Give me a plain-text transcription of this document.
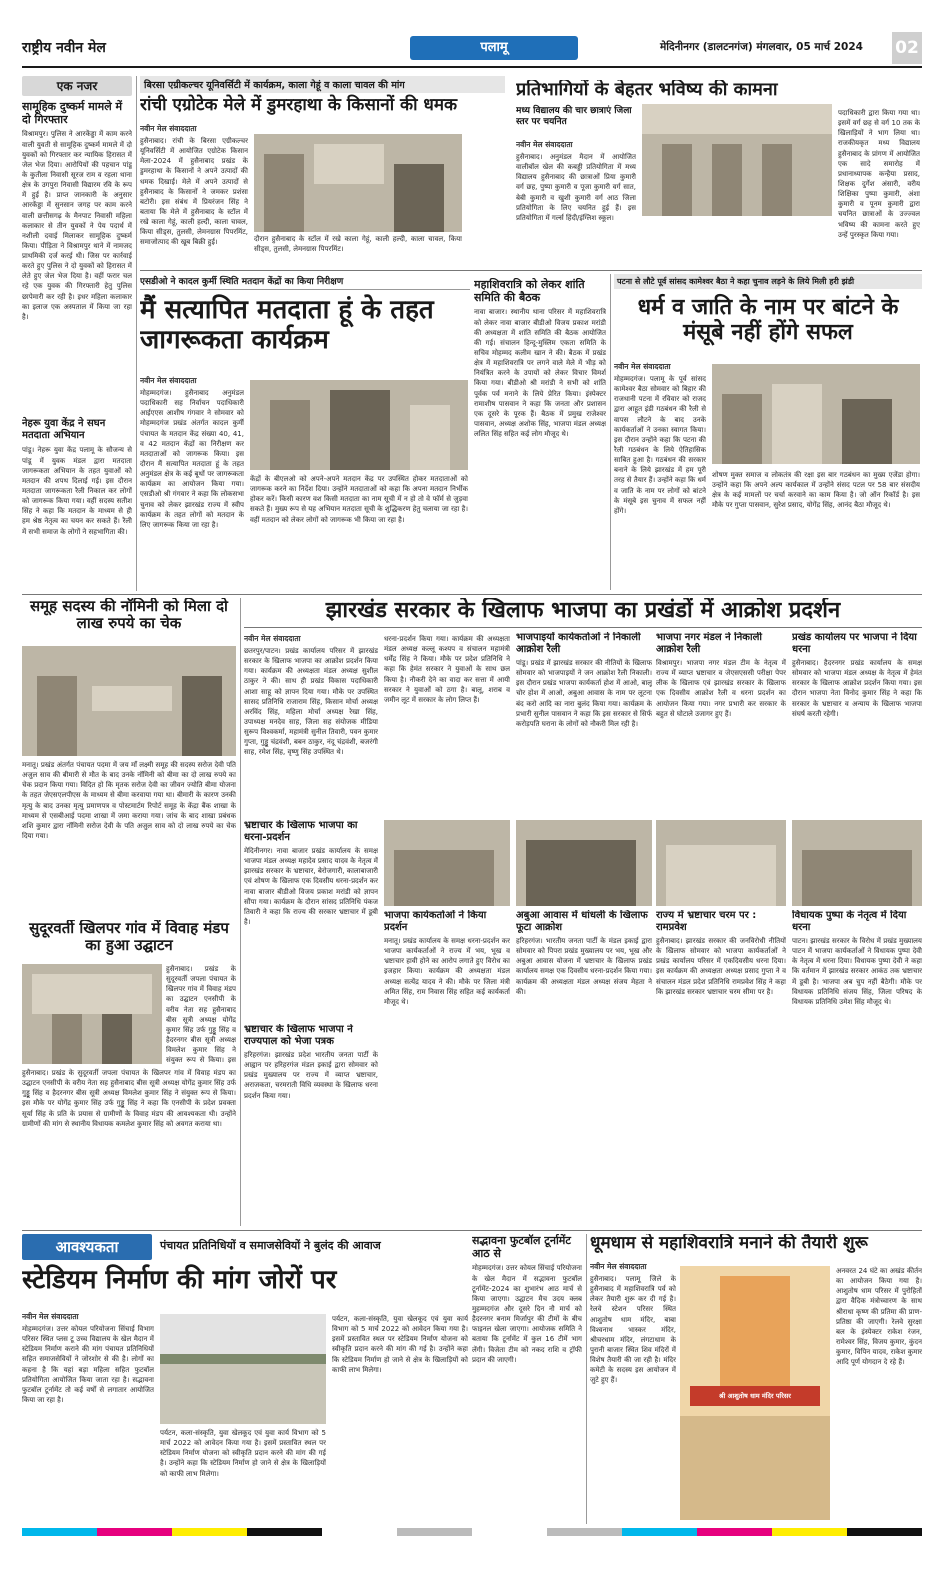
राष्ट्रीय नवीन मेल	पलामू	मेदिनीनगर (डालटनगंज) मंगलवार, 05 मार्च 2024 02
एक नजर
सामूहिक दुष्कर्म मामले में दो गिरफ्तार
विश्रामपुर। पुलिस ने आरकेंड्डा में काम करने वाली युवती से सामूहिक दुष्कर्म मामले में दो युवकों को गिरफ्तार कर न्यायिक हिरासत में जेल भेज दिया। आरोपियों की पहचान पांडू के कुतीला निवासी सूरज राम व रहला थाना क्षेत्र के उगपुरा निवासी विद्यारम रवि के रूप में हुई है। प्राप्त जानकारी के अनुसार आरकेंड्डा में सुनसान जगह पर काम करने वाली छत्तीसगढ़ के मैनपाट निवासी महिला कलाकार से तीन युवकों ने पेय पदार्थ में नशीली दवाई मिलाकर सामूहिक दुष्कर्म किया। पीड़िता ने विश्रामपुर थाने में नामजद प्राथमिकी दर्ज करई थी। जिस पर कार्रवाई करते हुए पुलिस ने दो युवकों को हिरासत में लेते हुए जेल भेज दिया है। वहीं फरार चल रहे एक युवक की गिरफ्तारी हेतु पुलिस छापेमारी कर रही है। इधर महिला कलाकार का इलाज एक अस्पताल में किया जा रहा है।
नेहरू युवा केंद्र ने सघन मतदाता अभियान
पांडू। नेहरू युवा केंद्र पलामू के सौजन्य से पांडू में युवक मंडल द्वारा मतदाता जागरूकता अभियान के तहत युवाओं को मतदान की शपथ दिलाई गई। इस दौरान मतदाता जागरूकता रैली निकाल कर लोगों को जागरूक किया गया। वहीं सदस्य सतीश सिंह ने कहा कि मतदान के माध्यम से ही हम श्रेष्ठ नेतृत्व का चयन कर सकते हैं। रैली में सभी समाज के लोगों ने सहभागिता की।
बिरसा एग्रीकल्चर यूनिवर्सिटी में कार्यक्रम, काला गेहूं व काला चावल की मांग
रांची एग्रोटेक मेले में डुमरहाथा के किसानों की धमक
नवीन मेल संवाददाता
हुसैनाबाद। रांची के बिरसा एग्रीकल्चर यूनिवर्सिटी में आयोजित एग्रोटेक किसान मेला-2024 में हुसैनाबाद प्रखंड के डुमरहाथा के किसानों ने अपने उत्पादों की धमक दिखाई। मेले में अपने उत्पादों से हुसैनाबाद के किसानों ने जमकर प्रशंसा बटोरी। इस संबंध में प्रियरंजन सिंह ने बताया कि मेले में हुसैनाबाद के स्टॉल में रखे काला गेहूं, काली हल्दी, काला चावल, किया सीड्स, तुलसी, लेमनग्रास पिपरमिंट, समाजोत्पाद की खूब बिक्री हुई।	दौरान हुसैनाबाद के स्टॉल में रखे काला गेहूं, काली हल्दी, काला चावल, किया सीड्स, तुलसी, लेमनग्रास पिपरमिंट।
प्रतिभागियों के बेहतर भविष्य की कामना
मध्य विद्यालय की चार छात्राएं जिला स्तर पर चयनित
नवीन मेल संवाददाता
हुसैनाबाद। अनुमंडल मैदान में आयोजित वालीबॉल खेल की कबड्डी प्रतियोगिता में मध्य विद्यालय हुसैनाबाद की छात्राओं प्रिया कुमारी वर्ग छह, पुष्पा कुमारी व पूजा कुमारी वर्ग सात, बेबी कुमारी व खुशी कुमारी वर्ग आठ जिला प्रतियोगिता के लिए चयनित हुई हैं। इस प्रतियोगिता में गर्ल्स हिंदी/इंग्लिश स्कूल।
पदाधिकारी द्वारा किया गया था। इसमें वर्ग छह से वर्ग 10 तक के खिलाड़ियों ने भाग लिया था। राजकीयकृत मध्य विद्यालय हुसैनाबाद के प्रांगण में आयोजित एक सादे समारोह में प्रधानाध्यापक कन्हैया प्रसाद, शिक्षक दुर्गेश अंसारी, वरीय शिक्षिका पुष्पा कुमारी, अंशा कुमारी व पूनम कुमारी द्वारा चयनित छात्राओं के उज्ज्वल भविष्य की कामना करते हुए उन्हें पुरस्कृत किया गया।
एसडीओ ने कादल कुर्मी स्थिति मतदान केंद्रों का किया निरीक्षण
मैं सत्यापित मतदाता हूं के तहत जागरूकता कार्यक्रम
नवीन मेल संवाददाता
मोहम्मदगंज। हुसैनाबाद अनुमंडल पदाधिकारी सह निर्वाचन पदाधिकारी आईएएस आशीष गंगवार ने सोमवार को मोहम्मदगंज प्रखंड अंतर्गत कादल कुर्मी पंचायत के मतदान केंद्र संख्या 40, 41, व 42 मतदान केंद्रों का निरीक्षण कर मतदाताओं को जागरूक किया। इस दौरान मैं सत्यापित मतदाता हूं के तहत अनुमंडल क्षेत्र के कई बूथों पर जागरूकता कार्यक्रम का आयोजन किया गया। एसडीओ श्री गंगवार ने कहा कि लोकसभा चुनाव को लेकर झारखंड राज्य में स्वीप कार्यक्रम के तहत लोगों को मतदान के लिए जागरूक किया जा रहा है।
केंद्रों के बीएलओ को अपने-अपने मतदान केंद्र पर उपस्थित होकर मतदाताओं को जागरूक करने का निर्देश दिया। उन्होंने मतदाताओं को कहा कि अपना मतदान निर्भीक होकर करें। किसी कारण वश किसी मतदाता का नाम सूची में न हो तो वे फॉर्म से जुड़वा सकते हैं। मुख्य रूप से यह अभियान मतदाता सूची के शुद्धिकरण हेतु चलाया जा रहा है। वहीं मतदान को लेकर लोगों को जागरूक भी किया जा रहा है।
महाशिवरात्रि को लेकर शांति समिति की बैठक
नावा बाजार। स्थानीय थाना परिसर में महाशिवरात्रि को लेकर नावा बाजार बीडीओ विजय प्रकाश मरांडी की अध्यक्षता में शांति समिति की बैठक आयोजित की गई। संचालन हिन्दू-मुस्लिम एकता समिति के सचिव मोहम्मद कलीम खान ने की। बैठक में प्रखंड क्षेत्र में महाशिवरात्रि पर लगने वाले मेले में भीड़ को नियंत्रित करने के उपायों को लेकर विचार विमर्श किया गया। बीडीओ श्री मरांडी ने सभी को शांति पूर्वक पर्व मनाने के लिये प्रेरित किया। इंस्पेक्टर रामाशीष पासवान ने कहा कि जनता और प्रशासन एक दूसरे के पूरक हैं। बैठक में प्रमुख राजेश्वर पासवान, अध्यक्ष अशोक सिंह, भाजपा मंडल अध्यक्ष ललित सिंह सहित कई लोग मौजूद थे।
पटना से लौटे पूर्व सांसद कामेश्वर बैठा ने कहा चुनाव लड़ने के लिये मिली हरी झंडी
धर्म व जाति के नाम पर बांटने के मंसूबे नहीं होंगे सफल
नवीन मेल संवाददाता
मोहम्मदगंज। पलामू के पूर्व सांसद कामेश्वर बैठा सोमवार को बिहार की राजधानी पटना में रविवार को राजद द्वारा आहूत इंडी गठबंधन की रैली से वापस लौटने के बाद उनके कार्यकर्ताओं ने उनका स्वागत किया। इस दौरान उन्होंने कहा कि पटना की रैली गठबंधन के लिये ऐतिहासिक साबित हुआ है। गठबंधन की सरकार बनाने के लिये झारखंड में हम पूरी तरह से तैयार हैं। उन्होंने कहा कि धर्म व जाति के नाम पर लोगों को बांटने के मंसूबे इस चुनाव में सफल नहीं होंगे।
शोषण मुक्त समाज व लोकतंत्र की रक्षा इस बार गठबंधन का मुख्य एजेंडा होगा। उन्होंने कहा कि अपने अल्प कार्यकाल में उन्होंने संसद पटल पर 58 बार संसदीय क्षेत्र के कई मामलों पर चर्चा करवाने का काम किया है। जो ऑन रिकॉर्ड है। इस मौके पर गुप्ता पासवान, सुरेश प्रसाद, योगेंद्र सिंह, आनंद बैठा मौजूद थे।
समूह सदस्य की नॉमिनी को मिला दो लाख रुपये का चेक
मनातू। प्रखंड अंतर्गत पंचायत पदमा में जय माँ लक्ष्मी समूह की सदस्य सरोज देवी पति अजुल साव की बीमारी से मौत के बाद उनके नॉमिनी को बीमा का दो लाख रुपये का चेक प्रदान किया गया। विदित हो कि मृतक सरोज देवी का जीवन ज्योति बीमा योजना के तहत जेएसएलपीएस के माध्यम से बीमा करवाया गया था। बीमारी के कारण उनकी मृत्यु के बाद उनका मृत्यु प्रमाणपत्र व पोस्टमार्टम रिपोर्ट समूह के केंद्रा बैंक शाखा के माध्यम से एसबीआई पदमा शाखा में जमा कराया गया। जांच के बाद शाखा प्रबंधक शशि कुमार द्वारा नॉमिनी सरोज देवी के पति अजुल साव को दो लाख रुपये का चेक दिया गया।
सुदूरवर्ती खिलपर गांव में विवाह मंडप का हुआ उद्घाटन
हुसैनाबाद। प्रखंड के सुदूरवर्ती जपला पंचायत के खिलपर गांव में विवाह मंडप का उद्घाटन एनसीपी के वरीय नेता सह हुसैनाबाद बीस सूत्री अध्यक्ष योगेंद्र कुमार सिंह उर्फ गुड्डू सिंह व हैदरनगर बीस सूत्री अध्यक्ष विमलेश कुमार सिंह ने संयुक्त रूप से किया। इस
हुसैनाबाद। प्रखंड के सुदूरवर्ती जपला पंचायत के खिलपर गांव में विवाह मंडप का उद्घाटन एनसीपी के वरीय नेता सह हुसैनाबाद बीस सूत्री अध्यक्ष योगेंद्र कुमार सिंह उर्फ गुड्डू सिंह व हैदरनगर बीस सूत्री अध्यक्ष विमलेश कुमार सिंह ने संयुक्त रूप से किया। इस मौके पर योगेंद्र कुमार सिंह उर्फ गुड्डू सिंह ने कहा कि एनसीपी के प्रदेश प्रवक्ता सूर्या सिंह के प्रति के प्रयास से ग्रामीणों के विवाह मंडप की आवश्यकता थी। उन्होंने ग्रामीणों की मांग से स्थानीय विधायक कमलेश कुमार सिंह को अवगत कराया था।
झारखंड सरकार के खिलाफ भाजपा का प्रखंडों में आक्रोश प्रदर्शन
नवीन मेल संवाददाता
छतरपुर/पाटन। प्रखंड कार्यालय परिसर में झारखंड सरकार के खिलाफ भाजपा का आक्रोश प्रदर्शन किया गया। कार्यक्रम की अध्यक्षता मंडल अध्यक्ष सुशील ठाकुर ने की। साथ ही प्रखंड विकास पदाधिकारी आशा साहू को ज्ञापन दिया गया। मौके पर उपस्थित सासद प्रतिनिधि राजाराम सिंह, किसान मोर्चा अध्यक्ष अरविंद सिंह, महिला मोर्चा अध्यक्ष रेखा सिंह, उपाध्यक्ष मनदेव साह, जिला सह संयोजक मीडिया सुरूप विश्वकर्मा, महामंत्री सुनील तिवारी, पवन कुमार गुप्ता, गुड्डू चंद्रवंशी, बबन ठाकुर, नंदू चंद्रवंशी, बजरंगी साह, रमेश सिंह, वृष्णु सिंह उपस्थित थे।
धरना-प्रदर्शन किया गया। कार्यक्रम की अध्यक्षता मंडल अध्यक्ष कल्लू कश्यप व संचालन महामंत्री धर्मेंद्र सिंह ने किया। मौके पर प्रदेश प्रतिनिधि ने कहा कि हेमंत सरकार ने युवाओं के साथ छल किया है। नौकरी देने का वादा कर सत्ता में आयी सरकार ने युवाओं को ठगा है। बालू, शराब व जमीन लूट में सरकार के लोग लिप्त हैं।
भाजपाइयों कार्यकर्ताओं ने निकाली आक्रोश रैली
पांडू। प्रखंड में झारखंड सरकार की नीतियों के खिलाफ सोमवार को भाजपाइयों ने जन आक्रोश रैली निकाली। इस दौरान प्रखंड भाजपा कार्यकर्ता होश में आओ, बालू चोर होश में आओ, अबुआ आवास के नाम पर लूटना बंद करो आदि का नारा बुलंद किया गया। कार्यक्रम के प्रभारी सुनील पासवान ने कहा कि इस सरकार से सिर्फ करोड़पति घराना के लोगों को नौकरी मिल रही है।
भाजपा नगर मंडल ने निकाली आक्रोश रैली
विश्रामपुर। भाजपा नगर मंडल टीम के नेतृत्व में राज्य में व्याप्त भ्रष्टाचार व जेएसएससी परीक्षा पेपर लीक के खिलाफ एवं झारखंड सरकार के खिलाफ एक दिवसीय आक्रोश रैली व धरना प्रदर्शन का आयोजन किया गया। नगर प्रभारी कर सरकार के बहुत से घोटाले उजागर हुए हैं।
प्रखंड कार्यालय पर भाजपा ने दिया धरना
हुसैनाबाद। हैदरनगर प्रखंड कार्यालय के समक्ष सोमवार को भाजपा मंडल अध्यक्ष के नेतृत्व में हेमंत सरकार के खिलाफ आक्रोश प्रदर्शन किया गया। इस दौरान भाजपा नेता विनोद कुमार सिंह ने कहा कि सरकार के भ्रष्टाचार व अन्याय के खिलाफ भाजपा संघर्ष करती रहेगी।
भ्रष्टाचार के खिलाफ भाजपा का धरना-प्रदर्शन
मेदिनीनगर। नावा बाजार प्रखंड कार्यालय के समक्ष भाजपा मंडल अध्यक्ष महादेव प्रसाद यादव के नेतृत्व में झारखंड सरकार के भ्रष्टाचार, बेरोजगारी, कालाबाजारी एवं शोषण के खिलाफ एक दिवसीय धरना-प्रदर्शन कर नावा बाजार बीडीओ विजय प्रकाश मरांडी को ज्ञापन सौंपा गया। कार्यक्रम के दौरान सांसद प्रतिनिधि पंकज तिवारी ने कहा कि राज्य की सरकार भ्रष्टाचार में डूबी है।
भ्रष्टाचार के खिलाफ भाजपा ने राज्यपाल को भेजा पत्रक
हरिहरगंज। झारखंड प्रदेश भारतीय जनता पार्टी के आह्वान पर हरिहरगंज मंडल इकाई द्वारा सोमवार को प्रखंड मुख्यालय पर राज्य में व्याप्त भ्रष्टाचार, अराजकता, चरमराती विधि व्यवस्था के खिलाफ धरना प्रदर्शन किया गया।
भाजपा कार्यकर्ताओं ने किया प्रदर्शन
मनातू। प्रखंड कार्यालय के समक्ष धरना-प्रदर्शन कर भाजपा कार्यकर्ताओं ने राज्य में भय, भूख व भ्रष्टाचार हावी होने का आरोप लगाते हुए विरोध का इजहार किया। कार्यक्रम की अध्यक्षता मंडल अध्यक्ष सत्येंद्र यादव ने की। मौके पर जिला मंत्री अमित सिंह, राम निवास सिंह सहित कई कार्यकर्ता मौजूद थे।
अबुआ आवास में धांधली के खिलाफ फूटा आक्रोश
हरिहरगंज। भारतीय जनता पार्टी के मंडल इकाई द्वारा सोमवार को पिपरा प्रखंड मुख्यालय पर भय, भूख और अबुआ आवास योजना में भ्रष्टाचार के खिलाफ प्रखंड कार्यालय समक्ष एक दिवसीय धरना-प्रदर्शन किया गया। कार्यक्रम की अध्यक्षता मंडल अध्यक्ष संजय मेहता ने की।
राज्य में भ्रष्टाचार चरम पर : रामप्रवेश
हुसैनाबाद। झारखंड सरकार की जनविरोधी नीतियों के खिलाफ सोमवार को भाजपा कार्यकर्ताओं ने प्रखंड कार्यालय परिसर में एकदिवसीय धरना दिया। इस कार्यक्रम की अध्यक्षता अध्यक्ष प्रसाद गुप्ता ने व संचालन मंडल प्रदेश प्रतिनिधि रामप्रवेश सिंह ने कहा कि झारखंड सरकार भ्रष्टाचार चरम सीमा पर है।
विधायक पुष्पा के नेतृत्व में दिया धरना
पाटन। झारखंड सरकार के विरोध में प्रखंड मुख्यालय पाटन में भाजपा कार्यकर्ताओं ने विधायक पुष्पा देवी के नेतृत्व में धरना दिया। विधायक पुष्पा देवी ने कहा कि वर्तमान में झारखंड सरकार आकंठ तक भ्रष्टाचार में डूबी है। भाजपा अब चुप नहीं बैठेगी। मौके पर विधायक प्रतिनिधि संजय सिंह, जिला परिषद के विधायक प्रतिनिधि उमेश सिंह मौजूद थे।
आवश्यकता	पंचायत प्रतिनिधियों व समाजसेवियों ने बुलंद की आवाज
स्टेडियम निर्माण की मांग जोरों पर
नवीन मेल संवाददाता
मोहम्मदगंज। उत्तर कोयल परियोजना सिंचाई विभाग परिसर स्थित प्लस टू उच्च विद्यालय के खेल मैदान में स्टेडियम निर्माण कराने की मांग पंचायत प्रतिनिधियों सहित समाजसेवियों ने जोरशोर से की है। लोगों का कहना है कि यहां बड़ा महिला सहित फुटबॉल प्रतियोगिता आयोजित किया जाता रहा है। सद्भावना फुटबॉल टूर्नामेंट तो कई वर्षों से लगातार आयोजित किया जा रहा है।
पर्यटन, कला-संस्कृति, युवा खेलकूद एवं युवा कार्य विभाग को 5 मार्च 2022 को आवेदन किया गया है। इसमें प्रस्तावित स्थल पर स्टेडियम निर्माण योजना को स्वीकृति प्रदान करने की मांग की गई है। उन्होंने कहा कि स्टेडियम निर्माण हो जाने से क्षेत्र के खिलाड़ियों को काफी लाभ मिलेगा।
पर्यटन, कला-संस्कृति, युवा खेलकूद एवं युवा कार्य विभाग को 5 मार्च 2022 को आवेदन किया गया है। इसमें प्रस्तावित स्थल पर स्टेडियम निर्माण योजना को स्वीकृति प्रदान करने की मांग की गई है। उन्होंने कहा कि स्टेडियम निर्माण हो जाने से क्षेत्र के खिलाड़ियों को काफी लाभ मिलेगा।
सद्भावना फुटबॉल टूर्नामेंट आठ से
मोहम्मदगंज। उत्तर कोयल सिंचाई परियोजना के खेल मैदान में सद्भावना फुटबॉल टूर्नामेंट-2024 का शुभारंभ आठ मार्च से किया जाएगा। उद्घाटन मैच उदय क्लब मुहम्मदगंज और दूसरे दिन नौ मार्च को हैदरनगर बनाम मिर्जापुर की टीमों के बीच फाइनल खेला जाएगा। आयोजक समिति ने बताया कि टूर्नामेंट में कुल 16 टीमें भाग लेंगी। विजेता टीम को नकद राशि व ट्रॉफी प्रदान की जाएगी।
धूमधाम से महाशिवरात्रि मनाने की तैयारी शुरू
नवीन मेल संवाददाता
हुसैनाबाद। पलामू जिले के हुसैनाबाद में महाशिवरात्रि पर्व को लेकर तैयारी शुरू कर दी गई है। रेलवे स्टेशन परिसर स्थित आशुतोष धाम मंदिर, बाबा विश्वनाथ भास्कर मंदिर, श्रीचरधाम मंदिर, लंगटाधाम के पुरानी बाजार स्थित शिव मंदिरों में विशेष तैयारी की जा रही है। मंदिर कमेटी के सदस्य इस आयोजन में जुटे हुए हैं।
श्री आशुतोष धाम मंदिर परिसर
अनवरत 24 घंटे का अखंड कीर्तन का आयोजन किया गया है। आशुतोष धाम परिसर में पुरोहितों द्वारा वैदिक मंत्रोच्चारण के साथ श्रीराधा कृष्ण की प्रतिमा की प्राण-प्रतिष्ठा की जाएगी। रेलवे सुरक्षा बल के इंस्पेक्टर राकेश रंजन, रामेश्वर सिंह, विजय कुमार, कुंदन कुमार, विपिन यादव, राकेश कुमार आदि पूर्ण योगदान दे रहे हैं।
